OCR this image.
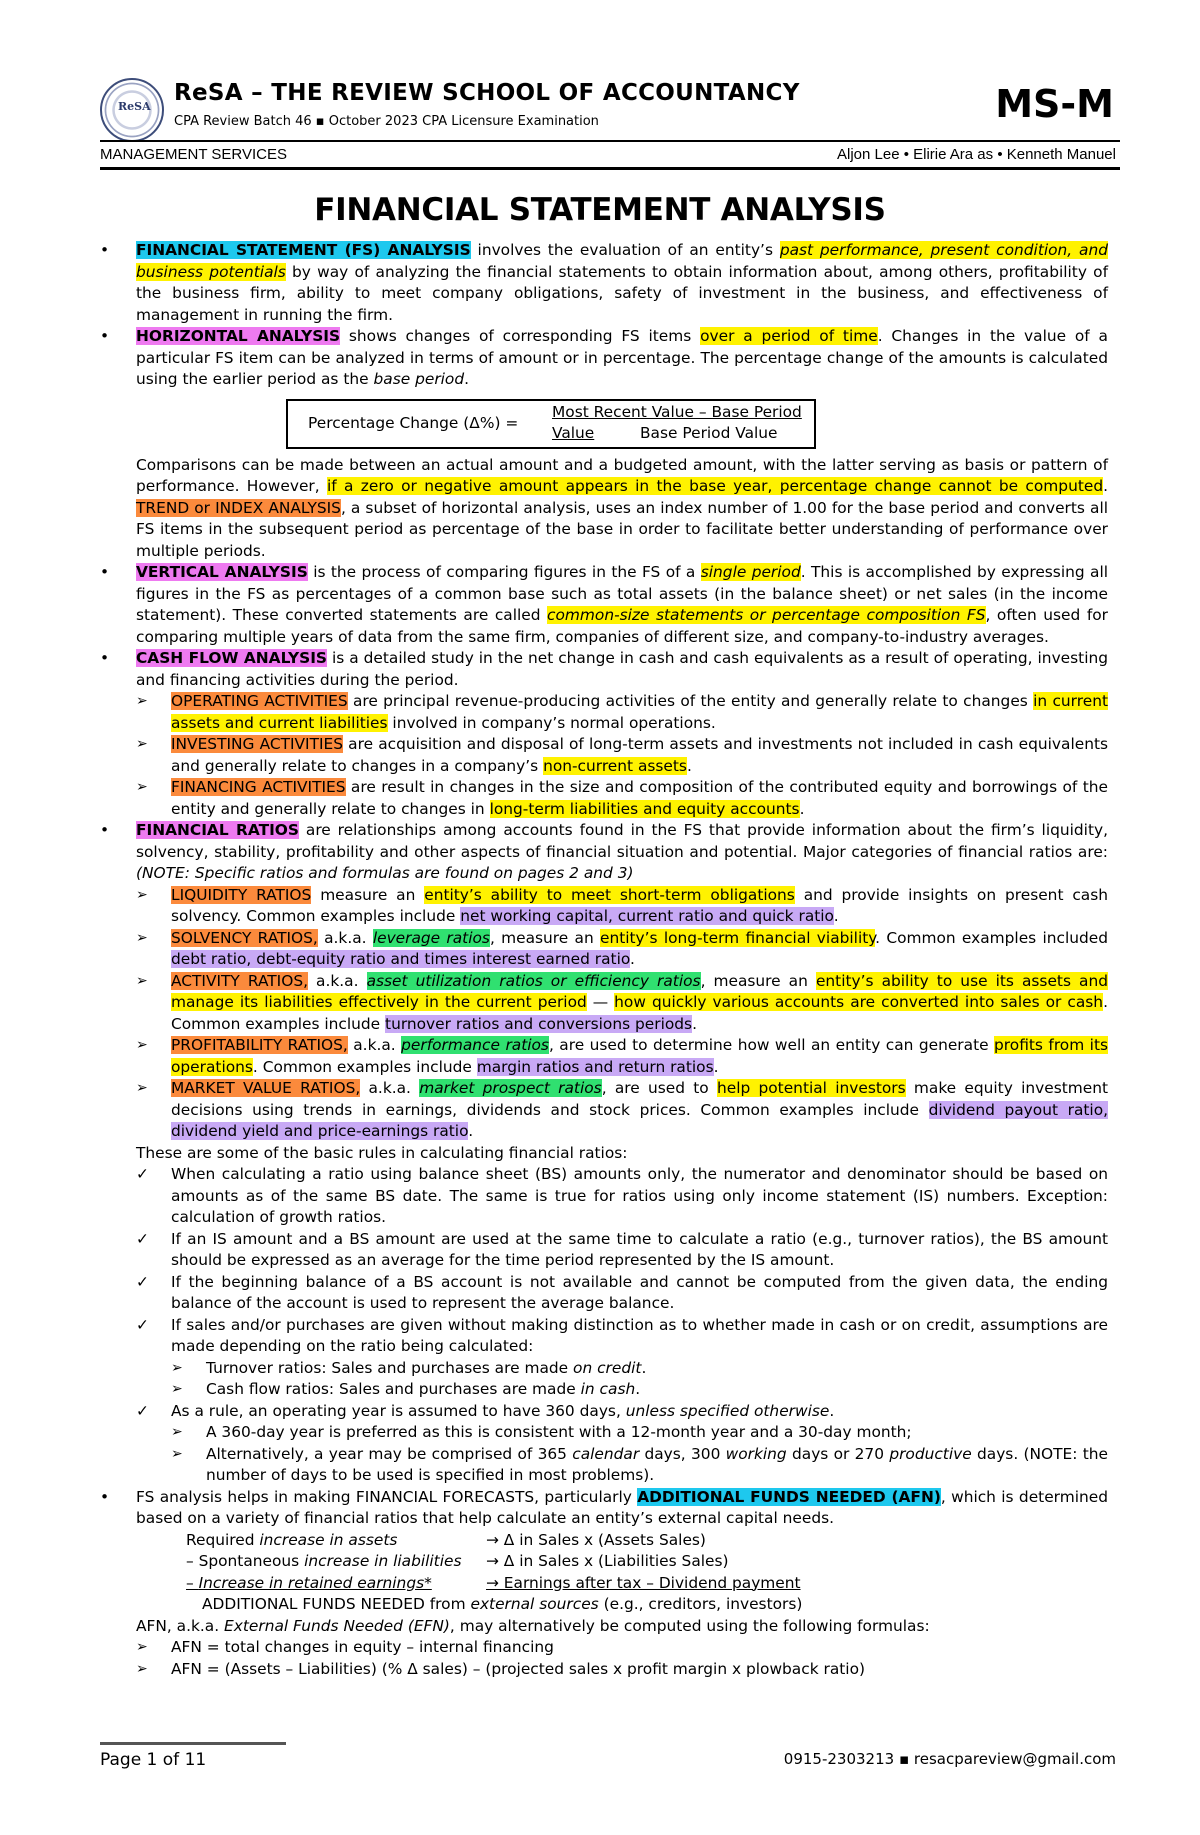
ReSA
ReSA – THE REVIEW SCHOOL OF ACCOUNTANCY
CPA Review Batch 46 ▪ October 2023 CPA Licensure Examination	MS-M
MANAGEMENT SERVICES	Aljon Lee • Elirie Ara as • Kenneth Manuel
FINANCIAL STATEMENT ANALYSIS
• FINANCIAL STATEMENT (FS) ANALYSIS involves the evaluation of an entity’s past performance, present condition, and business potentials by way of analyzing the financial statements to obtain information about, among others, profitability of the business firm, ability to meet company obligations, safety of investment in the business, and effectiveness of management in running the firm.
• HORIZONTAL ANALYSIS shows changes of corresponding FS items over a period of time. Changes in the value of a particular FS item can be analyzed in terms of amount or in percentage. The percentage change of the amounts is calculated using the earlier period as the base period.
Percentage Change (Δ%) =
Most Recent Value – Base Period Value	Base Period Value
Comparisons can be made between an actual amount and a budgeted amount, with the latter serving as basis or pattern of performance. However, if a zero or negative amount appears in the base year, percentage change cannot be computed. TREND or INDEX ANALYSIS, a subset of horizontal analysis, uses an index number of 1.00 for the base period and converts all FS items in the subsequent period as percentage of the base in order to facilitate better understanding of performance over multiple periods.
• VERTICAL ANALYSIS is the process of comparing figures in the FS of a single period. This is accomplished by expressing all figures in the FS as percentages of a common base such as total assets (in the balance sheet) or net sales (in the income statement). These converted statements are called common-size statements or percentage composition FS, often used for comparing multiple years of data from the same firm, companies of different size, and company-to-industry averages.
• CASH FLOW ANALYSIS is a detailed study in the net change in cash and cash equivalents as a result of operating, investing and financing activities during the period.
➢ OPERATING ACTIVITIES are principal revenue-producing activities of the entity and generally relate to changes in current assets and current liabilities involved in company’s normal operations.
➢ INVESTING ACTIVITIES are acquisition and disposal of long-term assets and investments not included in cash equivalents and generally relate to changes in a company’s non-current assets.
➢ FINANCING ACTIVITIES are result in changes in the size and composition of the contributed equity and borrowings of the entity and generally relate to changes in long-term liabilities and equity accounts.
• FINANCIAL RATIOS are relationships among accounts found in the FS that provide information about the firm’s liquidity, solvency, stability, profitability and other aspects of financial situation and potential. Major categories of financial ratios are: (NOTE: Specific ratios and formulas are found on pages 2 and 3)
➢ LIQUIDITY RATIOS measure an entity’s ability to meet short-term obligations and provide insights on present cash solvency. Common examples include net working capital, current ratio and quick ratio.
➢ SOLVENCY RATIOS, a.k.a. leverage ratios, measure an entity’s long-term financial viability. Common examples included debt ratio, debt-equity ratio and times interest earned ratio.
➢ ACTIVITY RATIOS, a.k.a. asset utilization ratios or efficiency ratios, measure an entity’s ability to use its assets and manage its liabilities effectively in the current period — how quickly various accounts are converted into sales or cash. Common examples include turnover ratios and conversions periods.
➢ PROFITABILITY RATIOS, a.k.a. performance ratios, are used to determine how well an entity can generate profits from its operations. Common examples include margin ratios and return ratios.
➢ MARKET VALUE RATIOS, a.k.a. market prospect ratios, are used to help potential investors make equity investment decisions using trends in earnings, dividends and stock prices. Common examples include dividend payout ratio, dividend yield and price-earnings ratio.
These are some of the basic rules in calculating financial ratios:
✓ When calculating a ratio using balance sheet (BS) amounts only, the numerator and denominator should be based on amounts as of the same BS date. The same is true for ratios using only income statement (IS) numbers. Exception: calculation of growth ratios.
✓ If an IS amount and a BS amount are used at the same time to calculate a ratio (e.g., turnover ratios), the BS amount should be expressed as an average for the time period represented by the IS amount.
✓ If the beginning balance of a BS account is not available and cannot be computed from the given data, the ending balance of the account is used to represent the average balance.
✓ If sales and/or purchases are given without making distinction as to whether made in cash or on credit, assumptions are made depending on the ratio being calculated:
➢ Turnover ratios: Sales and purchases are made on credit.
➢ Cash flow ratios: Sales and purchases are made in cash.
✓ As a rule, an operating year is assumed to have 360 days, unless specified otherwise.
➢ A 360-day year is preferred as this is consistent with a 12-month year and a 30-day month;
➢ Alternatively, a year may be comprised of 365 calendar days, 300 working days or 270 productive days. (NOTE: the number of days to be used is specified in most problems).
• FS analysis helps in making FINANCIAL FORECASTS, particularly ADDITIONAL FUNDS NEEDED (AFN), which is determined based on a variety of financial ratios that help calculate an entity’s external capital needs.
Required increase in assets	→ Δ in Sales x (Assets Sales)
– Spontaneous increase in liabilities → Δ in Sales x (Liabilities Sales)
– Increase in retained earnings*	→ Earnings after tax – Dividend payment
ADDITIONAL FUNDS NEEDED from external sources (e.g., creditors, investors)
AFN, a.k.a. External Funds Needed (EFN), may alternatively be computed using the following formulas:
➢ AFN = total changes in equity – internal financing
➢ AFN = (Assets – Liabilities) (% Δ sales) – (projected sales x profit margin x plowback ratio)
Page 1 of 11	0915-2303213 ▪ resacpareview@gmail.com
